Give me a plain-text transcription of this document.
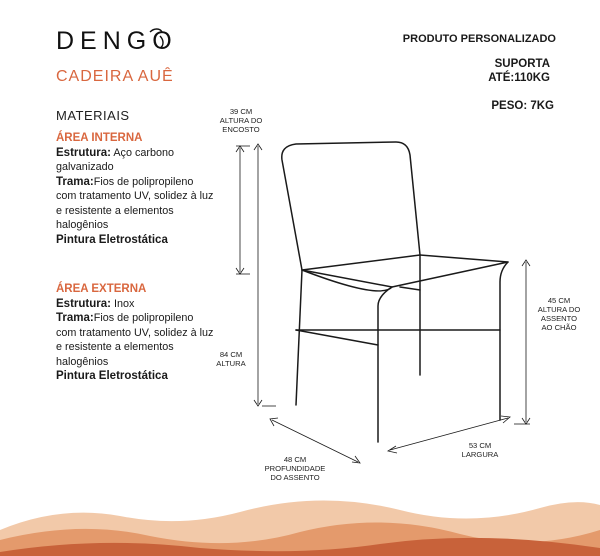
DENGO
CADEIRA AUÊ
PRODUTO PERSONALIZADO
SUPORTA
ATÉ:110KG
PESO: 7KG
MATERIAIS
ÁREA INTERNA
Estrutura: Aço carbono galvanizado
Trama:Fios de polipropileno com tratamento UV, solidez à luz e resistente a elementos halogênios
Pintura Eletrostática
ÁREA EXTERNA
Estrutura: Inox
Trama:Fios de polipropileno com tratamento UV, solidez à luz e resistente a elementos halogênios
Pintura Eletrostática
39 CM
ALTURA DO
ENCOSTO
84 CM
ALTURA
45 CM
ALTURA DO
ASSENTO
AO CHÃO
48 CM
PROFUNDIDADE
DO ASSENTO
53 CM
LARGURA
